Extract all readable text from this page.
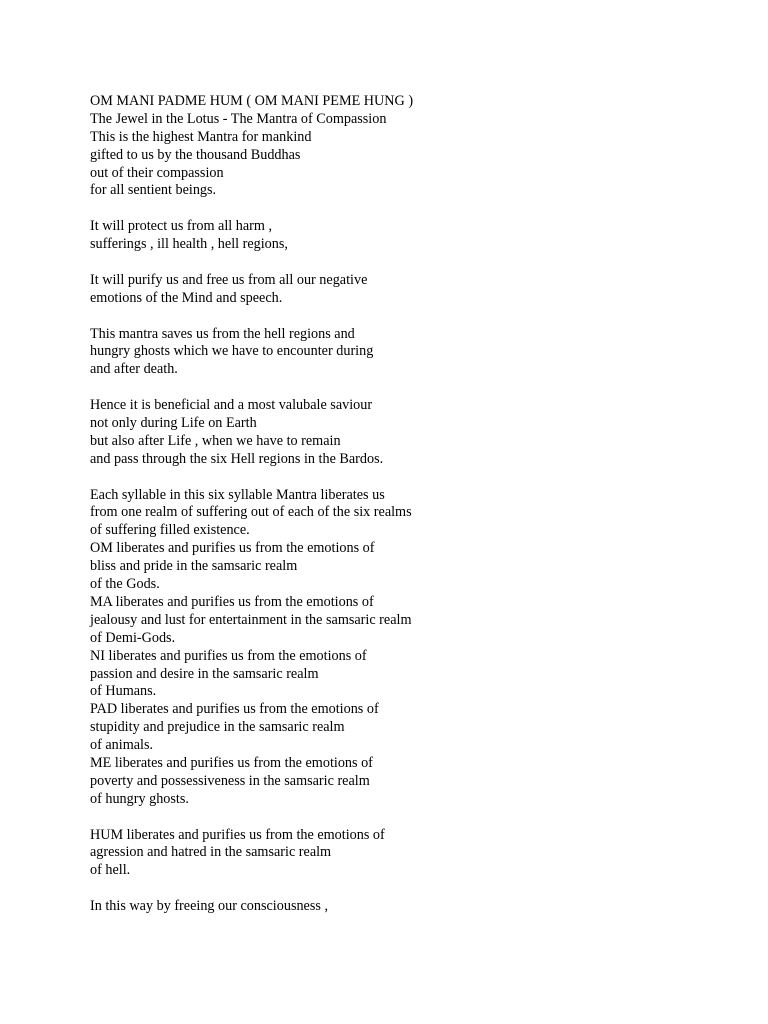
OM MANI PADME HUM ( OM MANI PEME HUNG )
The Jewel in the Lotus - The Mantra of Compassion
This is the highest Mantra for mankind
gifted to us by the thousand Buddhas
out of their compassion
for all sentient beings.
It will protect us from all harm ,
sufferings , ill health , hell regions,
It will purify us and free us from all our negative
emotions of the Mind and speech.
This mantra saves us from the hell regions and
hungry ghosts which we have to encounter during
and after death.
Hence it is beneficial and a most valubale saviour
not only during Life on Earth
but also after Life , when we have to remain
and pass through the six Hell regions in the Bardos.
Each syllable in this six syllable Mantra liberates us
from one realm of suffering out of each of the six realms
of suffering filled existence.
OM liberates and purifies us from the emotions of
bliss and pride in the samsaric realm
of the Gods.
MA liberates and purifies us from the emotions of
jealousy and lust for entertainment in the samsaric realm
of Demi-Gods.
NI liberates and purifies us from the emotions of
passion and desire in the samsaric realm
of Humans.
PAD liberates and purifies us from the emotions of
stupidity and prejudice in the samsaric realm
of animals.
ME liberates and purifies us from the emotions of
poverty and possessiveness in the samsaric realm
of hungry ghosts.
HUM liberates and purifies us from the emotions of
agression and hatred in the samsaric realm
of hell.
In this way by freeing our consciousness ,
